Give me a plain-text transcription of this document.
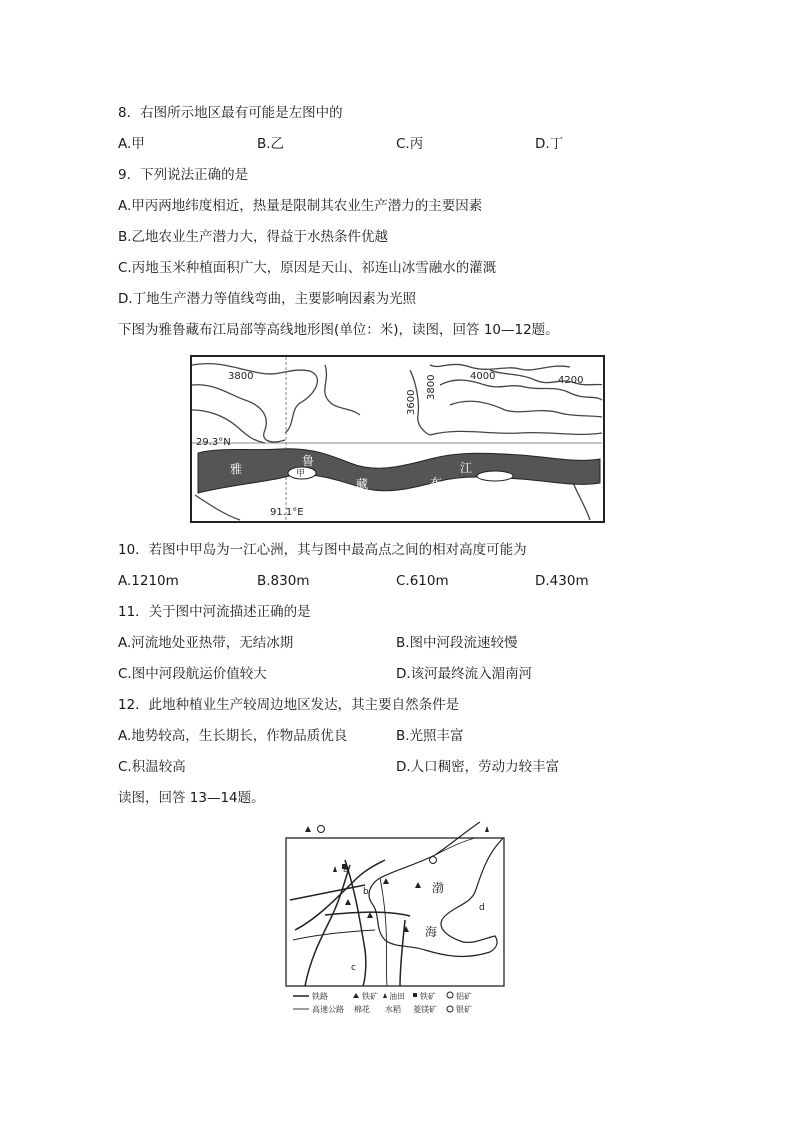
8．右图所示地区最有可能是左图中的
A.甲	B.乙	C.丙	D.丁
9．下列说法正确的是
A.甲丙两地纬度相近，热量是限制其农业生产潜力的主要因素
B.乙地农业生产潜力大，得益于水热条件优越
C.丙地玉米种植面积广大，原因是天山、祁连山冰雪融水的灌溉
D.丁地生产潜力等值线弯曲，主要影响因素为光照
下图为雅鲁藏布江局部等高线地形图(单位：米)，读图，回答 10—12题。
3800
3600
3800	4000	4200
29.3°N
91.1°E
雅
鲁
藏	布
江
甲
10．若图中甲岛为一江心洲，其与图中最高点之间的相对高度可能为
A.1210m	B.830m	C.610m	D.430m
11．关于图中河流描述正确的是
A.河流地处亚热带，无结冰期	B.图中河段流速较慢
C.图中河段航运价值较大	D.该河最终流入湄南河
12．此地种植业生产较周边地区发达，其主要自然条件是
A.地势较高，生长期长，作物品质优良	B.光照丰富
C.积温较高	D.人口稠密，劳动力较丰富
读图，回答 13—14题。
a
b
c
d
渤
海
铁路	铁矿 油田 铁矿	铝矿
高速公路 棉花 水稻 菱镁矿 银矿
